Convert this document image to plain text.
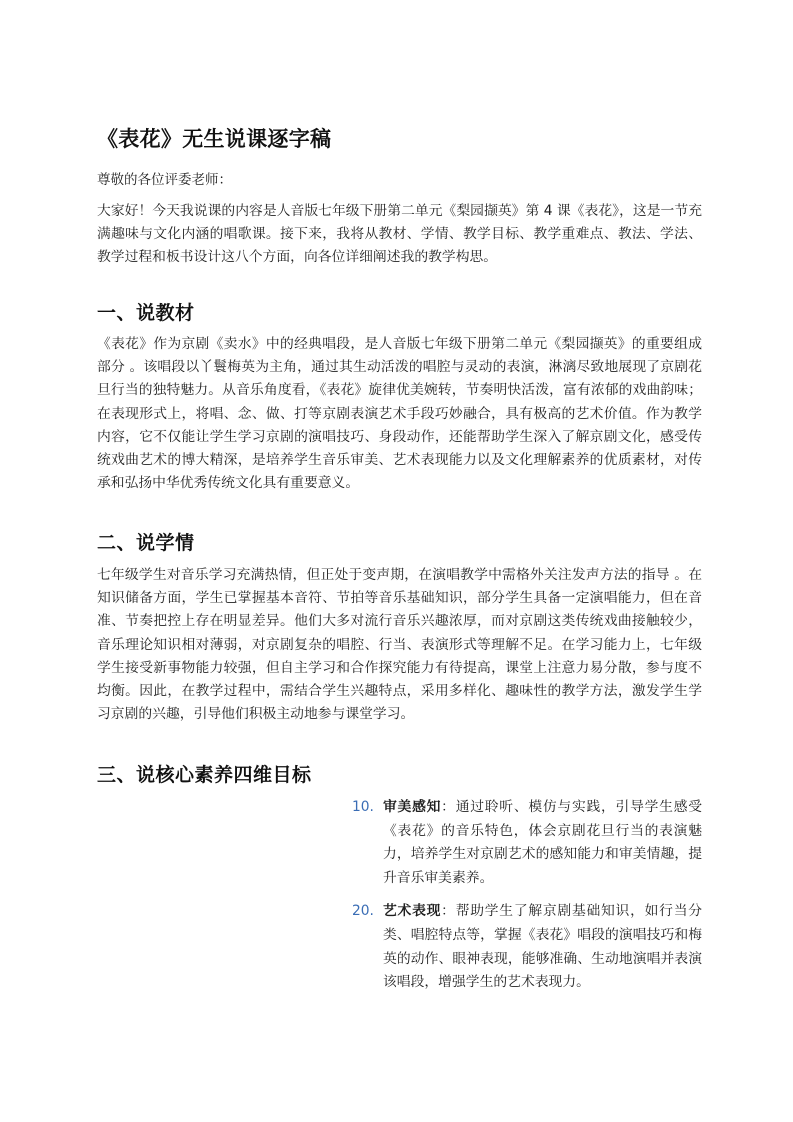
《表花》无生说课逐字稿

尊敬的各位评委老师：

大家好！今天我说课的内容是人音版七年级下册第二单元《梨园撷英》第 4 课《表花》，这是一节充满趣味与文化内涵的唱歌课。接下来，我将从教材、学情、教学目标、教学重难点、教法、学法、教学过程和板书设计这八个方面，向各位详细阐述我的教学构思。

一、说教材

《表花》作为京剧《卖水》中的经典唱段，是人音版七年级下册第二单元《梨园撷英》的重要组成部分 。该唱段以丫鬟梅英为主角，通过其生动活泼的唱腔与灵动的表演，淋漓尽致地展现了京剧花旦行当的独特魅力。从音乐角度看，《表花》旋律优美婉转，节奏明快活泼，富有浓郁的戏曲韵味；在表现形式上，将唱、念、做、打等京剧表演艺术手段巧妙融合，具有极高的艺术价值。作为教学内容，它不仅能让学生学习京剧的演唱技巧、身段动作，还能帮助学生深入了解京剧文化，感受传统戏曲艺术的博大精深，是培养学生音乐审美、艺术表现能力以及文化理解素养的优质素材，对传承和弘扬中华优秀传统文化具有重要意义。

二、说学情

七年级学生对音乐学习充满热情，但正处于变声期，在演唱教学中需格外关注发声方法的指导 。在知识储备方面，学生已掌握基本音符、节拍等音乐基础知识，部分学生具备一定演唱能力，但在音准、节奏把控上存在明显差异。他们大多对流行音乐兴趣浓厚，而对京剧这类传统戏曲接触较少，音乐理论知识相对薄弱，对京剧复杂的唱腔、行当、表演形式等理解不足。在学习能力上，七年级学生接受新事物能力较强，但自主学习和合作探究能力有待提高，课堂上注意力易分散，参与度不均衡。因此，在教学过程中，需结合学生兴趣特点，采用多样化、趣味性的教学方法，激发学生学习京剧的兴趣，引导他们积极主动地参与课堂学习。

三、说核心素养四维目标
10. 审美感知：通过聆听、模仿与实践，引导学生感受《表花》的音乐特色，体会京剧花旦行当的表演魅力，培养学生对京剧艺术的感知能力和审美情趣，提升音乐审美素养。
20. 艺术表现：帮助学生了解京剧基础知识，如行当分类、唱腔特点等，掌握《表花》唱段的演唱技巧和梅英的动作、眼神表现，能够准确、生动地演唱并表演该唱段，增强学生的艺术表现力。
